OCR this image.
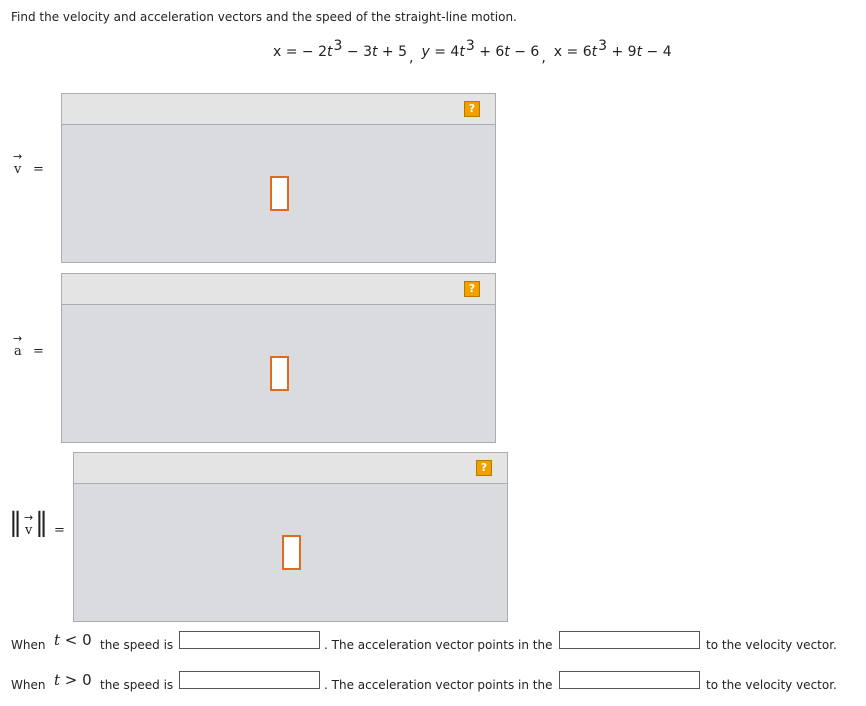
Find the velocity and acceleration vectors and the speed of the straight-line motion.
x = − $2t^3 - 3t + 5$ , $y = 4t^3 + 6t - 6$ , $x = 6t^3 + 9t - 4$
→
v =
?
→
a =
?
‖ →
v ‖ =
?
When t < 0 the speed is	. The acceleration vector points in the	to the velocity vector.
When t > 0 the speed is	. The acceleration vector points in the	to the velocity vector.
